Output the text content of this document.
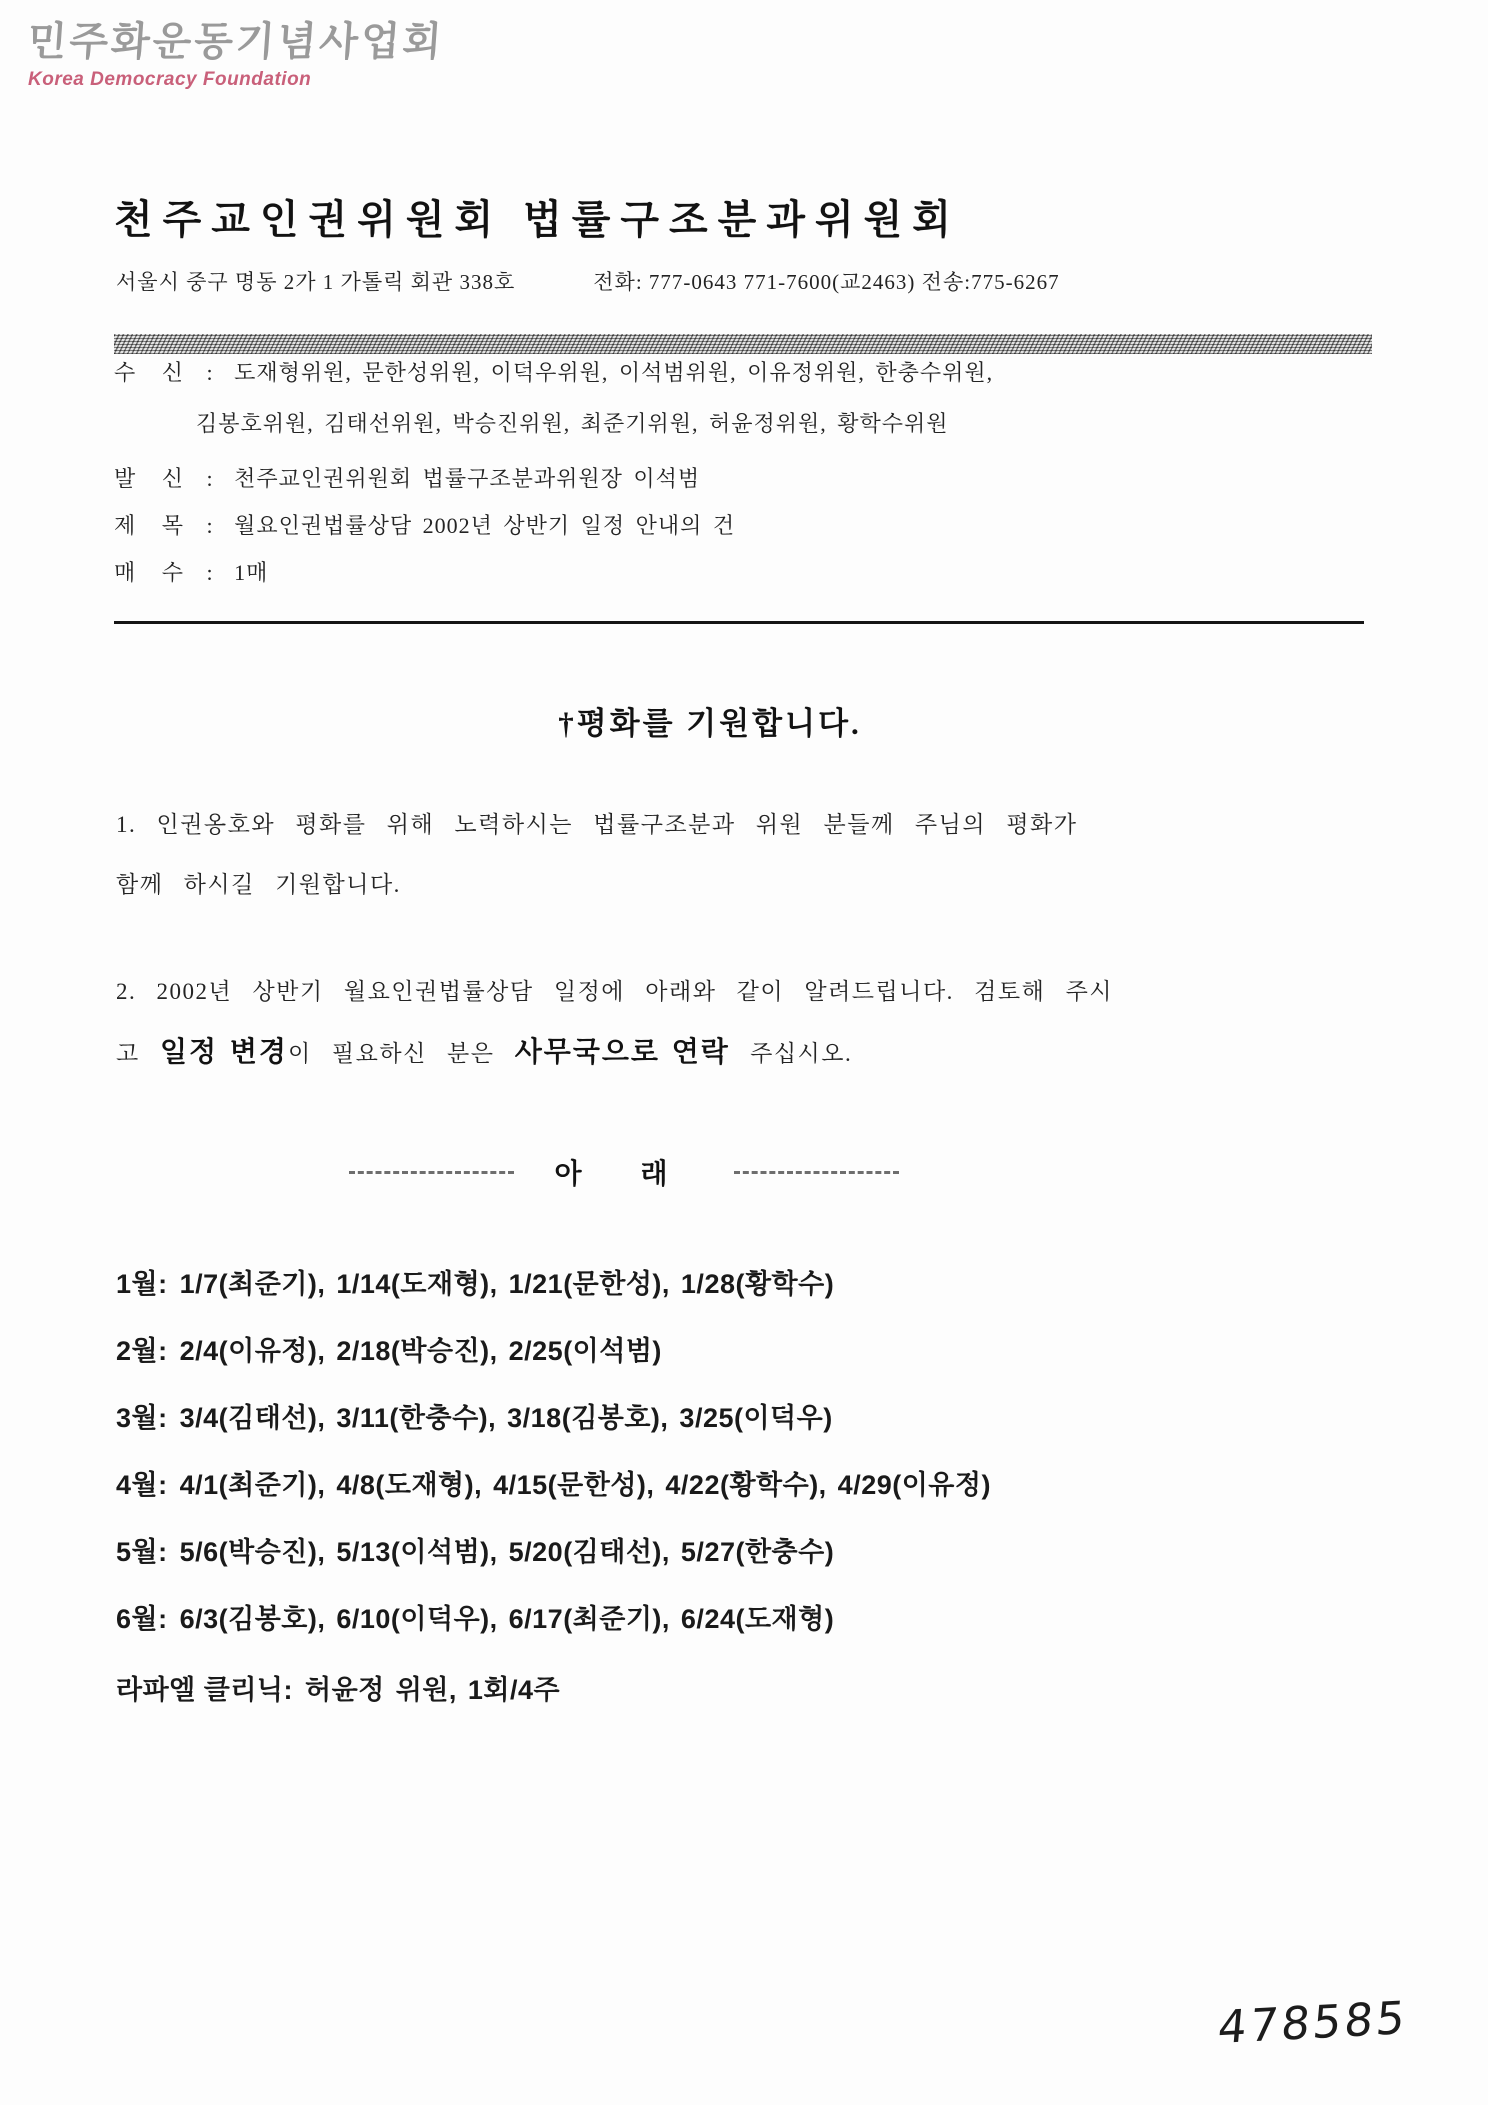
민주화운동기념사업회
Korea Democracy Foundation
천주교인권위원회 법률구조분과위원회
서울시 중구 명동 2가 1 가톨릭 회관 338호	전화: 777-0643 771-7600(교2463) 전송:775-6267
수 신 : 도재형위원, 문한성위원, 이덕우위원, 이석범위원, 이유정위원, 한충수위원,
김봉호위원, 김태선위원, 박승진위원, 최준기위원, 허윤정위원, 황학수위원
발 신 : 천주교인권위원회 법률구조분과위원장 이석범
제 목 : 월요인권법률상담 2002년 상반기 일정 안내의 건
매 수 : 1매
†평화를 기원합니다.
1. 인권옹호와 평화를 위해 노력하시는 법률구조분과 위원 분들께 주님의 평화가
함께 하시길 기원합니다.
2. 2002년 상반기 월요인권법률상담 일정에 아래와 같이 알려드립니다. 검토해 주시
고 일정 변경이 필요하신 분은 사무국으로 연락 주십시오.
아 래
1월: 1/7(최준기), 1/14(도재형), 1/21(문한성), 1/28(황학수)
2월: 2/4(이유정), 2/18(박승진), 2/25(이석범)
3월: 3/4(김태선), 3/11(한충수), 3/18(김봉호), 3/25(이덕우)
4월: 4/1(최준기), 4/8(도재형), 4/15(문한성), 4/22(황학수), 4/29(이유정)
5월: 5/6(박승진), 5/13(이석범), 5/20(김태선), 5/27(한충수)
6월: 6/3(김봉호), 6/10(이덕우), 6/17(최준기), 6/24(도재형)
라파엘 클리닉: 허윤정 위원, 1회/4주
478585
